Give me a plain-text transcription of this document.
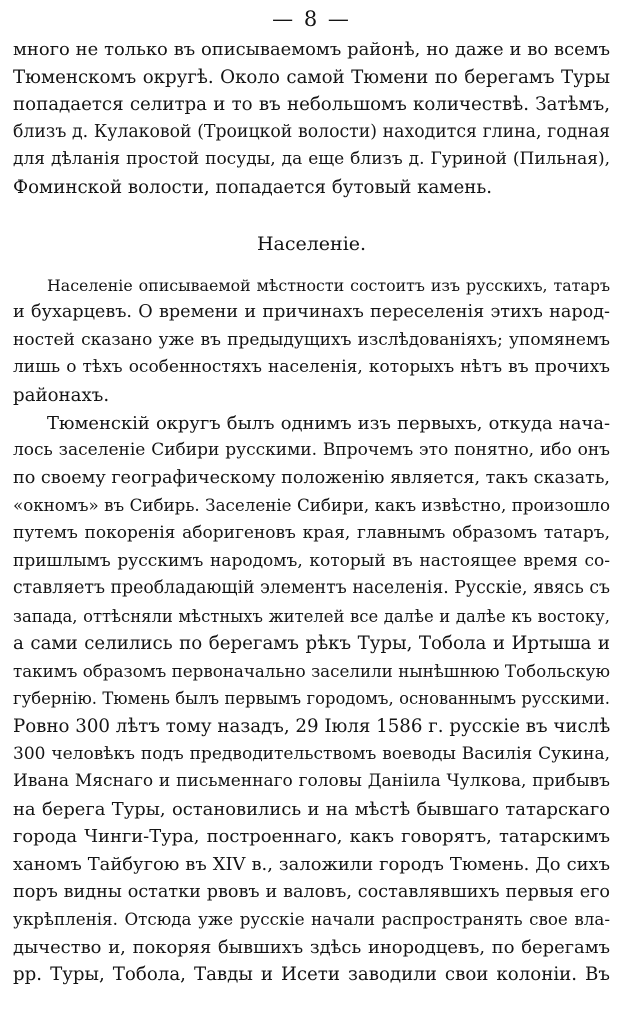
— 8 —
много не только въ описываемомъ районѣ, но даже и во всемъ
Тюменскомъ округѣ. Около самой Тюмени по берегамъ Туры
попадается селитра и то въ небольшомъ количествѣ. Затѣмъ,
близъ д. Кулаковой (Троицкой волости) находится глина, годная
для дѣланія простой посуды, да еще близъ д. Гуриной (Пильная),
Фоминской волости, попадается бутовый камень.
Населеніе.
Населеніе описываемой мѣстности состоитъ изъ русскихъ, татаръ
и бухарцевъ. О времени и причинахъ переселенія этихъ народ-
ностей сказано уже въ предыдущихъ изслѣдованіяхъ; упомянемъ
лишь о тѣхъ особенностяхъ населенія, которыхъ нѣтъ въ прочихъ
районахъ.
Тюменскій округъ былъ однимъ изъ первыхъ, откуда нача-
лось заселеніе Сибири русскими. Впрочемъ это понятно, ибо онъ
по своему географическому положенію является, такъ сказать,
«окномъ» въ Сибирь. Заселеніе Сибири, какъ извѣстно, произошло
путемъ покоренія аборигеновъ края, главнымъ образомъ татаръ,
пришлымъ русскимъ народомъ, который въ настоящее время со-
ставляетъ преобладающій элементъ населенія. Русскіе, явясь съ
запада, оттѣсняли мѣстныхъ жителей все далѣе и далѣе къ востоку,
а сами селились по берегамъ рѣкъ Туры, Тобола и Иртыша и
такимъ образомъ первоначально заселили нынѣшнюю Тобольскую
губернію. Тюмень былъ первымъ городомъ, основаннымъ русскими.
Ровно 300 лѣтъ тому назадъ, 29 Іюля 1586 г. русскіе въ числѣ
300 человѣкъ подъ предводительствомъ воеводы Василія Сукина,
Ивана Мяснаго и письменнаго головы Даніила Чулкова, прибывъ
на берега Туры, остановились и на мѣстѣ бывшаго татарскаго
города Чинги-Тура, построеннаго, какъ говорятъ, татарскимъ
ханомъ Тайбугою въ XIV в., заложили городъ Тюмень. До сихъ
поръ видны остатки рвовъ и валовъ, составлявшихъ первыя его
укрѣпленія. Отсюда уже русскіе начали распространять свое вла-
дычество и, покоряя бывшихъ здѣсь инородцевъ, по берегамъ
рр. Туры, Тобола, Тавды и Исети заводили свои колоніи. Въ
